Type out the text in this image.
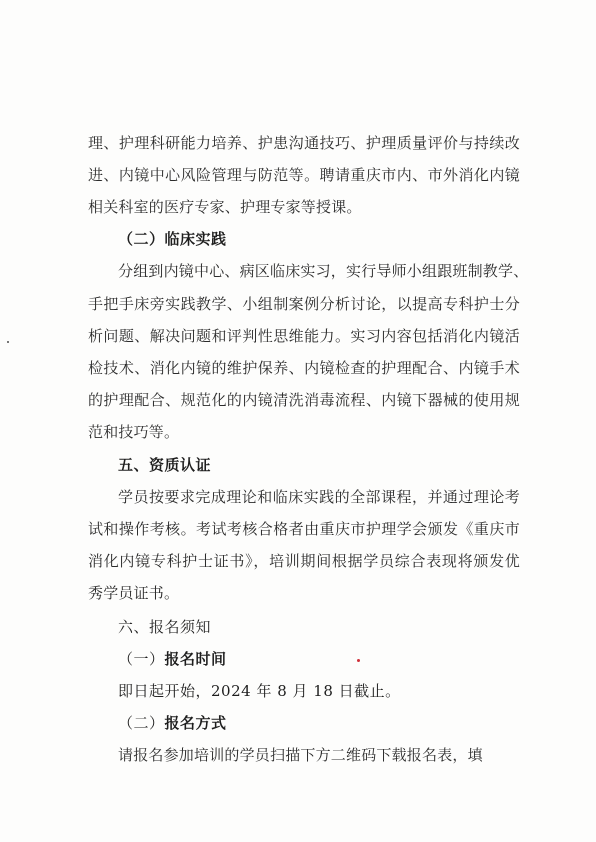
理、护理科研能力培养、护患沟通技巧、护理质量评价与持续改
进、内镜中心风险管理与防范等。聘请重庆市内、市外消化内镜
相关科室的医疗专家、护理专家等授课。
（二）临床实践
分组到内镜中心、病区临床实习，实行导师小组跟班制教学、
手把手床旁实践教学、小组制案例分析讨论，以提高专科护士分
析问题、解决问题和评判性思维能力。实习内容包括消化内镜活
检技术、消化内镜的维护保养、内镜检查的护理配合、内镜手术
的护理配合、规范化的内镜清洗消毒流程、内镜下器械的使用规
范和技巧等。
五、资质认证
学员按要求完成理论和临床实践的全部课程，并通过理论考
试和操作考核。考试考核合格者由重庆市护理学会颁发《重庆市
消化内镜专科护士证书》，培训期间根据学员综合表现将颁发优
秀学员证书。
六、报名须知
（一）报名时间
即日起开始，2024 年 8 月 18 日截止。
（二）报名方式
请报名参加培训的学员扫描下方二维码下载报名表，填
